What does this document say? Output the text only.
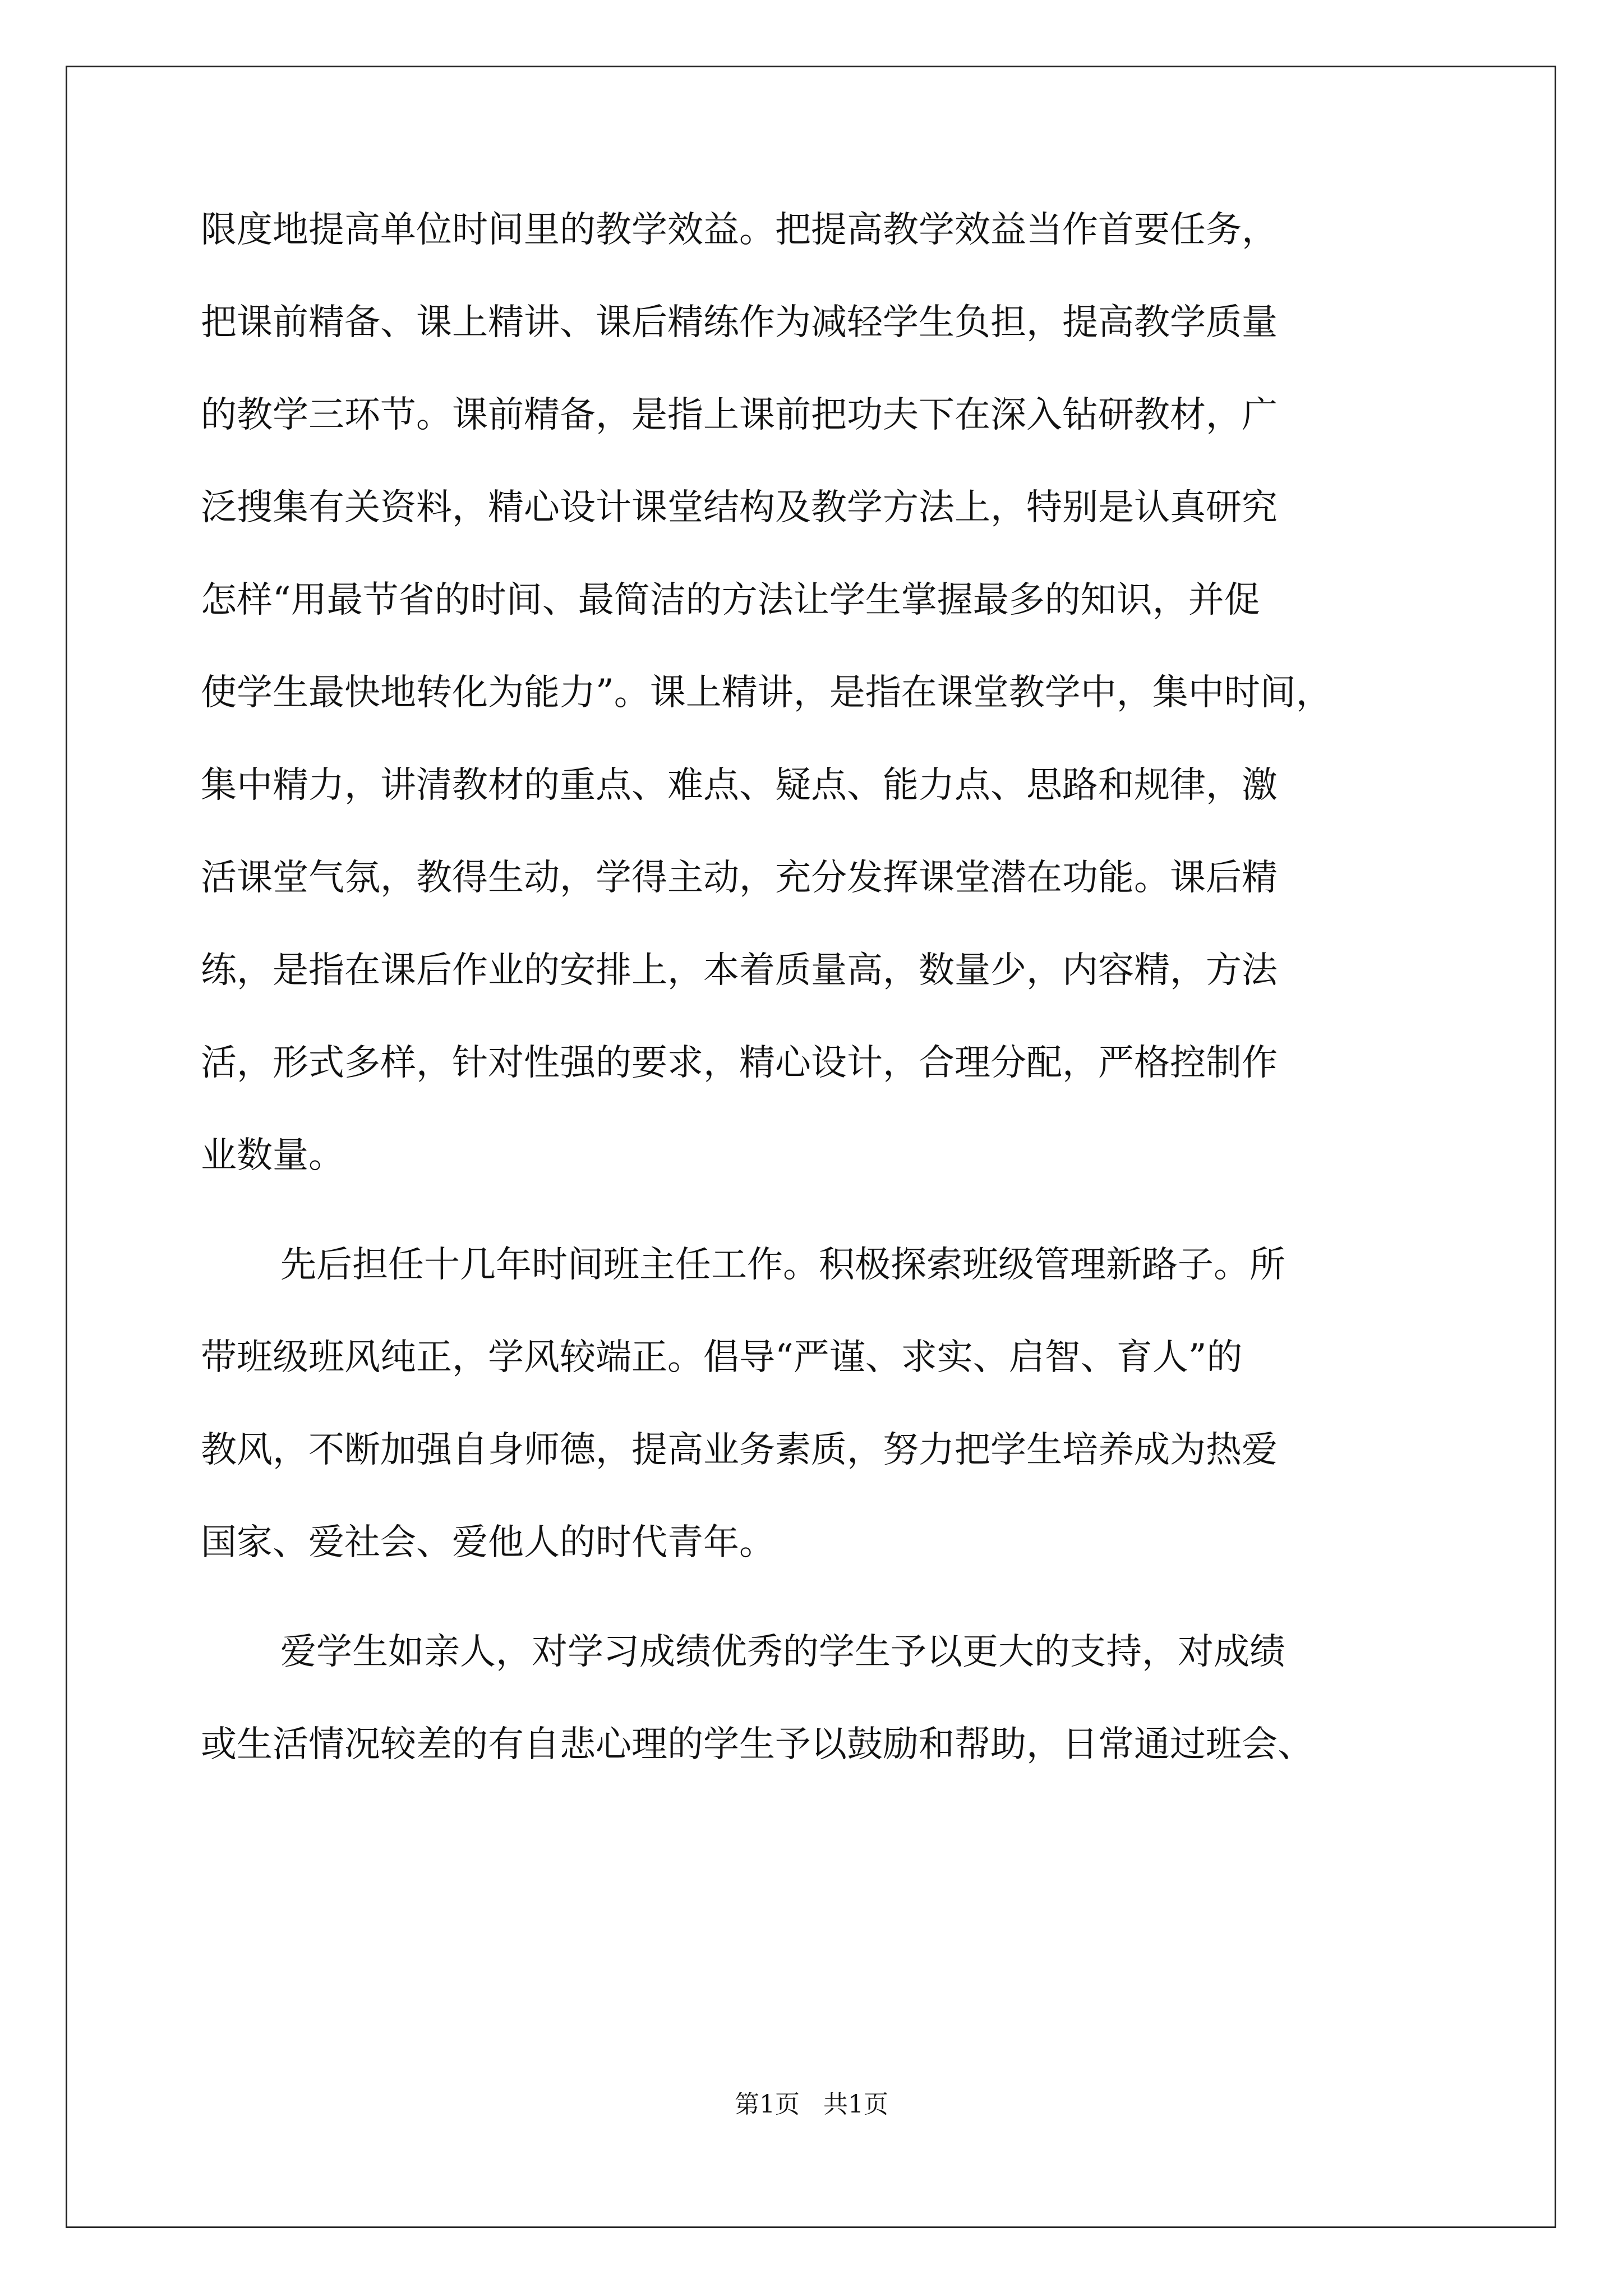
限度地提高单位时间里的教学效益。把提高教学效益当作首要任务，
把课前精备、课上精讲、课后精练作为减轻学生负担，提高教学质量
的教学三环节。课前精备，是指上课前把功夫下在深入钻研教材，广
泛搜集有关资料，精心设计课堂结构及教学方法上，特别是认真研究
怎样“用最节省的时间、最简洁的方法让学生掌握最多的知识，并促
使学生最快地转化为能力”。课上精讲，是指在课堂教学中，集中时间，
集中精力，讲清教材的重点、难点、疑点、能力点、思路和规律，激
活课堂气氛，教得生动，学得主动，充分发挥课堂潜在功能。课后精
练，是指在课后作业的安排上，本着质量高，数量少，内容精，方法
活，形式多样，针对性强的要求，精心设计，合理分配，严格控制作
业数量。
先后担任十几年时间班主任工作。积极探索班级管理新路子。所
带班级班风纯正，学风较端正。倡导“严谨、求实、启智、育人”的
教风，不断加强自身师德，提高业务素质，努力把学生培养成为热爱
国家、爱社会、爱他人的时代青年。
爱学生如亲人，对学习成绩优秀的学生予以更大的支持，对成绩
或生活情况较差的有自悲心理的学生予以鼓励和帮助，日常通过班会、
第1页   共1页
